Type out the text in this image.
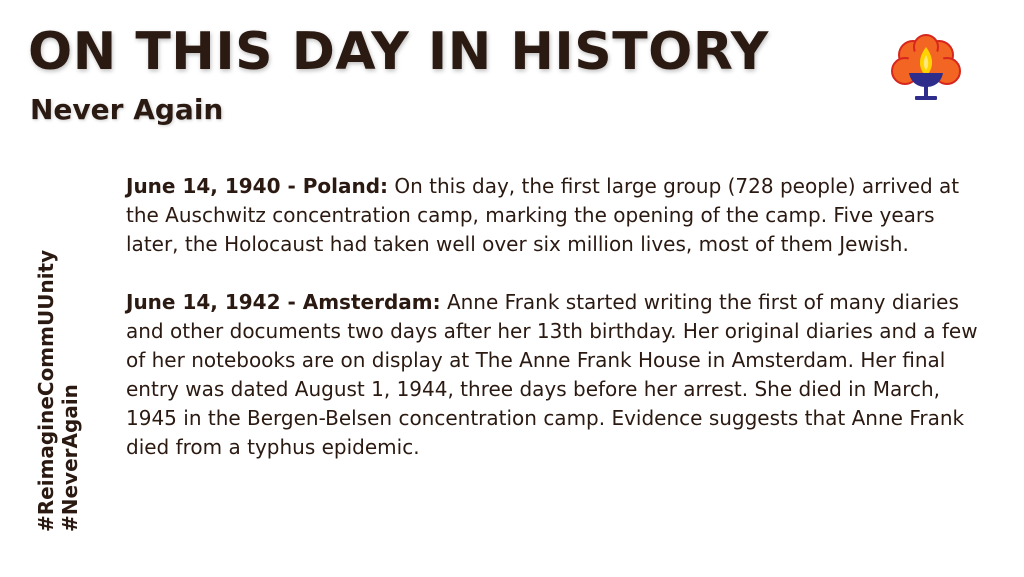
ON THIS DAY IN HISTORY
Never Again
#ReimagineCommUUnity #NeverAgain

June 14, 1940 - Poland: On this day, the first large group (728 people) arrived at the Auschwitz concentration camp, marking the opening of the camp. Five years later, the Holocaust had taken well over six million lives, most of them Jewish.

June 14, 1942 - Amsterdam: Anne Frank started writing the first of many diaries and other documents two days after her 13th birthday. Her original diaries and a few of her notebooks are on display at The Anne Frank House in Amsterdam. Her final entry was dated August 1, 1944, three days before her arrest. She died in March, 1945 in the Bergen-Belsen concentration camp. Evidence suggests that Anne Frank died from a typhus epidemic.
